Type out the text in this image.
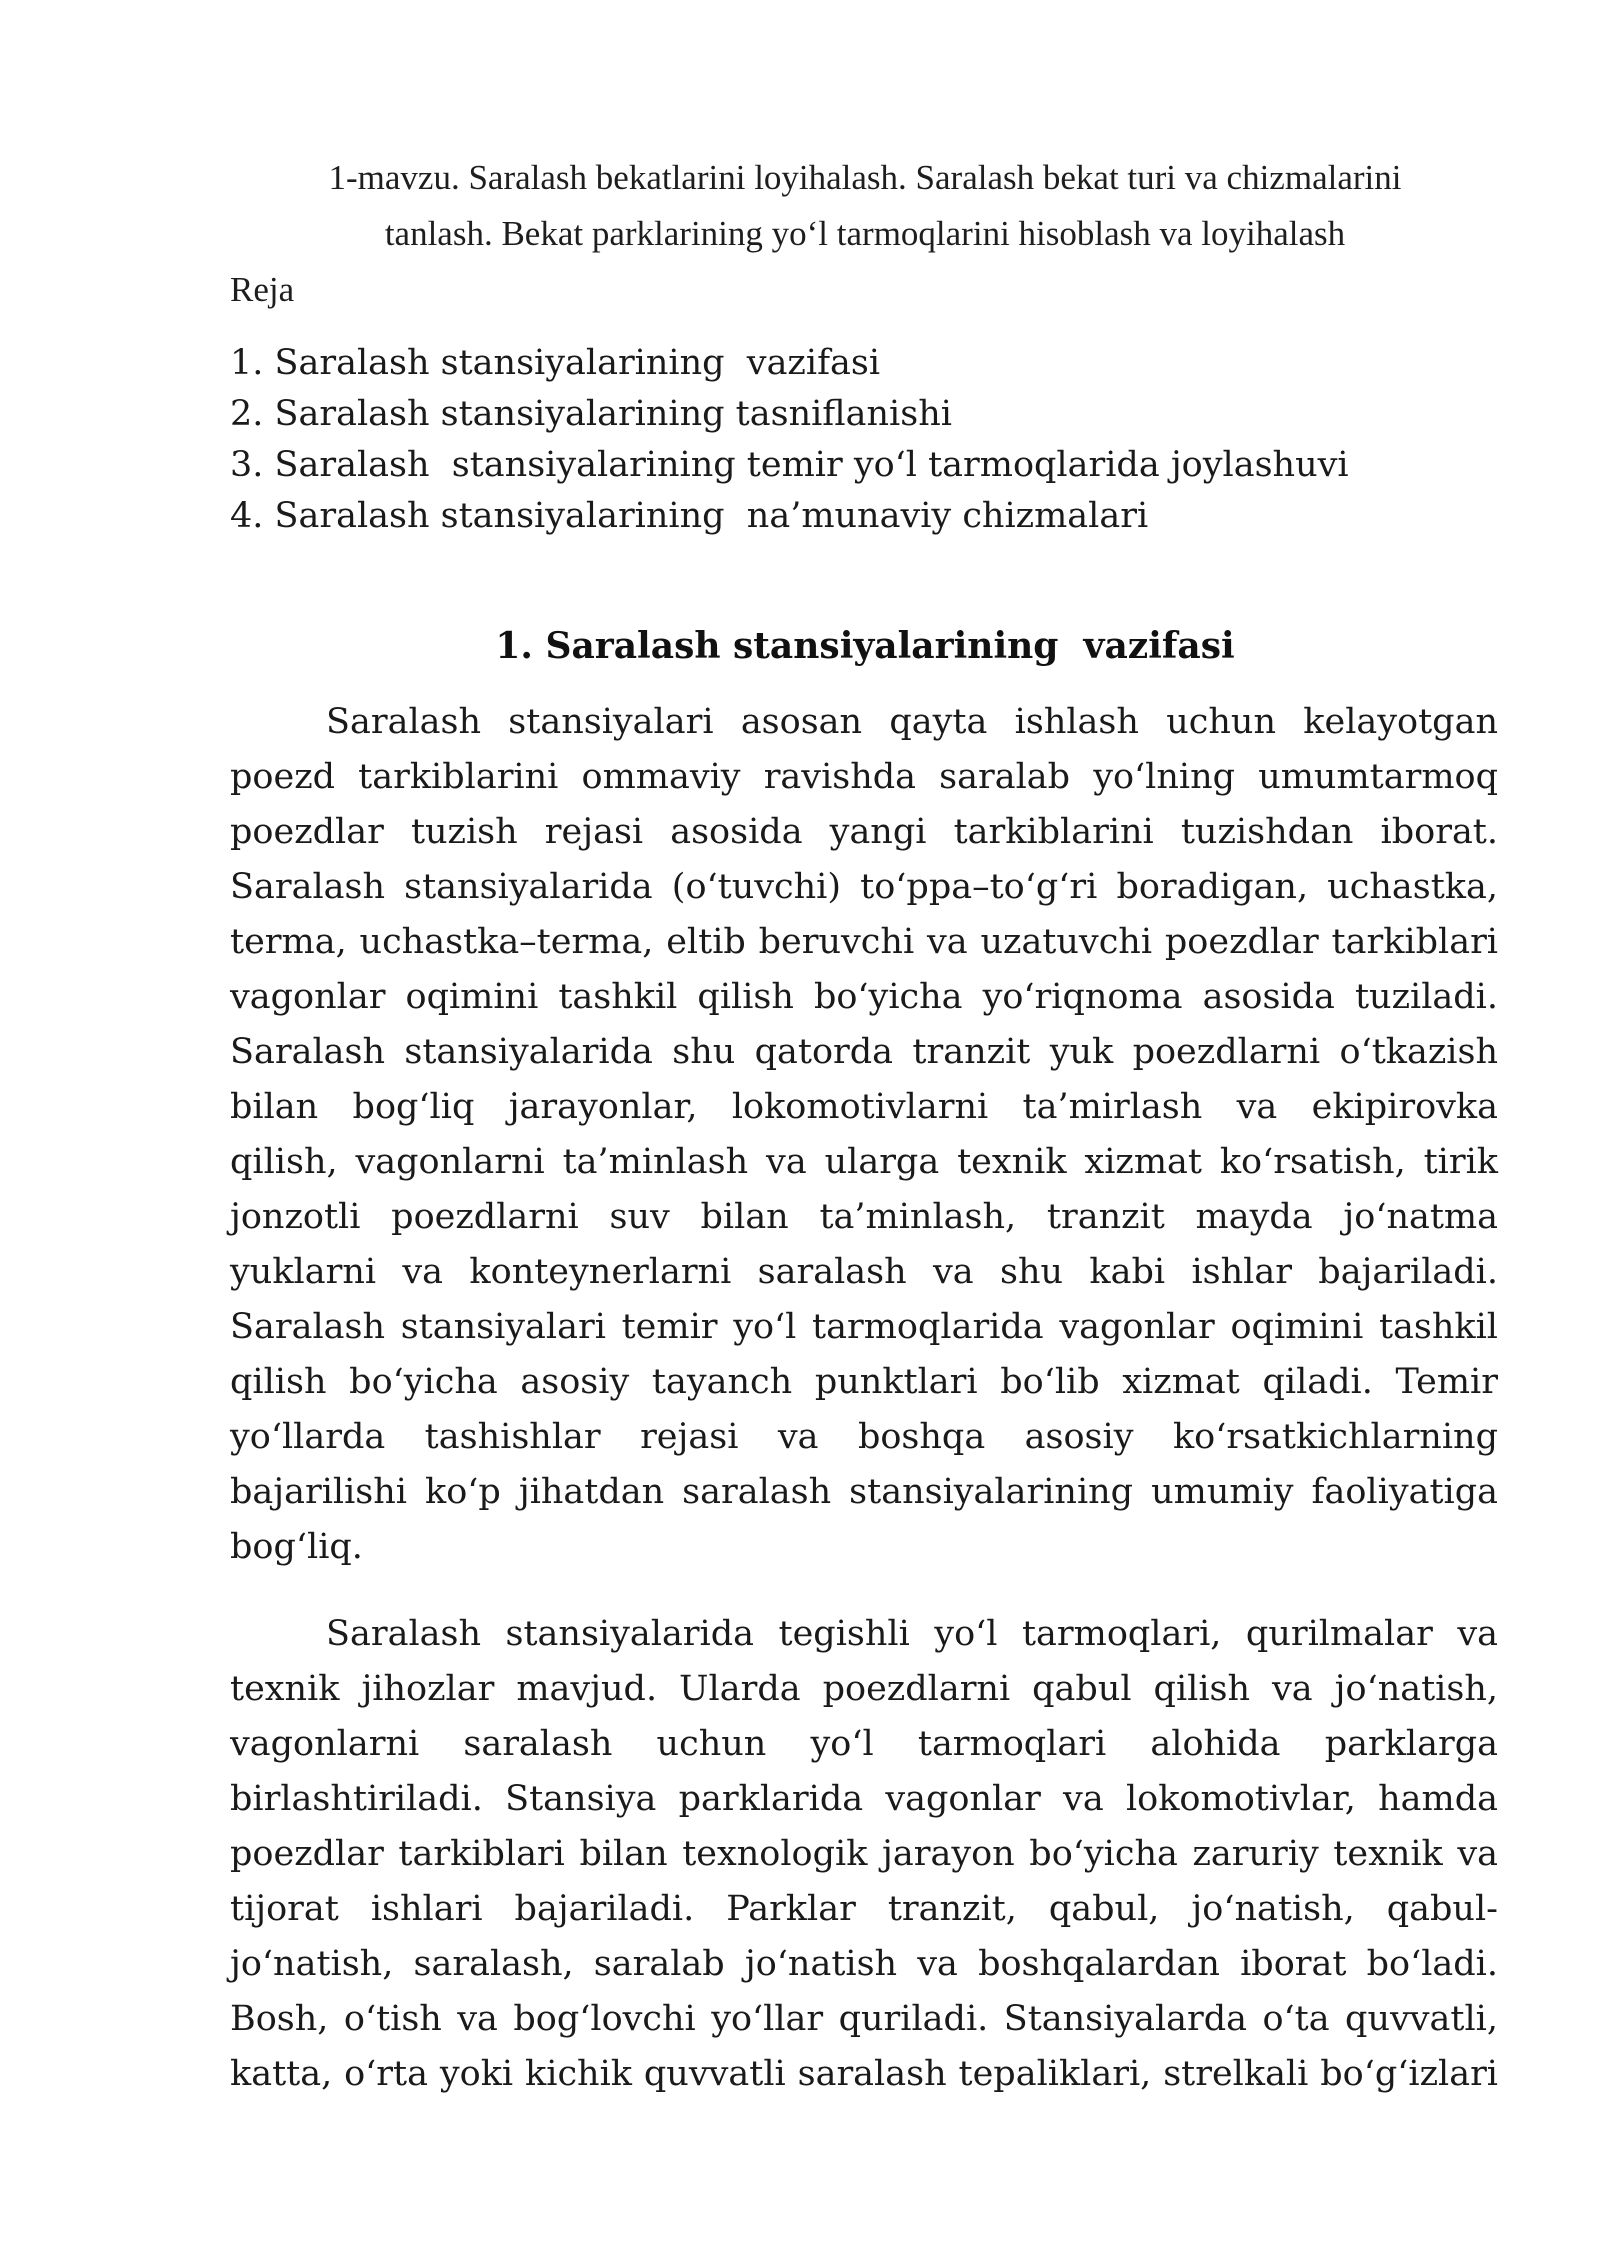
1-mavzu. Saralash bekatlarini loyihalash. Saralash bekat turi va chizmalarini
tanlash. Bekat parklarining yo‘l tarmoqlarini hisoblash va loyihalash
Reja
1. Saralash stansiyalarining  vazifasi
2. Saralash stansiyalarining tasniflanishi
3. Saralash  stansiyalarining temir yo‘l tarmoqlarida joylashuvi
4. Saralash stansiyalarining  na’munaviy chizmalari
1. Saralash stansiyalarining  vazifasi
Saralash stansiyalari asosan qayta ishlash uchun kelayotgan
poezd tarkiblarini ommaviy ravishda saralab yo‘lning umumtarmoq
poezdlar tuzish rejasi asosida yangi tarkiblarini tuzishdan iborat.
Saralash stansiyalarida (o‘tuvchi) to‘ppa–to‘g‘ri boradigan, uchastka,
terma, uchastka–terma, eltib beruvchi va uzatuvchi poezdlar tarkiblari
vagonlar oqimini tashkil qilish bo‘yicha yo‘riqnoma asosida tuziladi.
Saralash stansiyalarida shu qatorda tranzit yuk poezdlarni o‘tkazish
bilan bog‘liq jarayonlar, lokomotivlarni ta’mirlash va ekipirovka
qilish, vagonlarni ta’minlash va ularga texnik xizmat ko‘rsatish, tirik
jonzotli poezdlarni suv bilan ta’minlash, tranzit mayda jo‘natma
yuklarni va konteynerlarni saralash va shu kabi ishlar bajariladi.
Saralash stansiyalari temir yo‘l tarmoqlarida vagonlar oqimini tashkil
qilish bo‘yicha asosiy tayanch punktlari bo‘lib xizmat qiladi. Temir
yo‘llarda tashishlar rejasi va boshqa asosiy ko‘rsatkichlarning
bajarilishi ko‘p jihatdan saralash stansiyalarining umumiy faoliyatiga
bog‘liq.
Saralash stansiyalarida tegishli yo‘l tarmoqlari, qurilmalar va
texnik jihozlar mavjud. Ularda poezdlarni qabul qilish va jo‘natish,
vagonlarni saralash uchun yo‘l tarmoqlari alohida parklarga
birlashtiriladi. Stansiya parklarida vagonlar va lokomotivlar, hamda
poezdlar tarkiblari bilan texnologik jarayon bo‘yicha zaruriy texnik va
tijorat ishlari bajariladi. Parklar tranzit, qabul, jo‘natish, qabul-
jo‘natish, saralash, saralab jo‘natish va boshqalardan iborat bo‘ladi.
Bosh, o‘tish va bog‘lovchi yo‘llar quriladi. Stansiyalarda o‘ta quvvatli,
katta, o‘rta yoki kichik quvvatli saralash tepaliklari, strelkali bo‘g‘izlari
